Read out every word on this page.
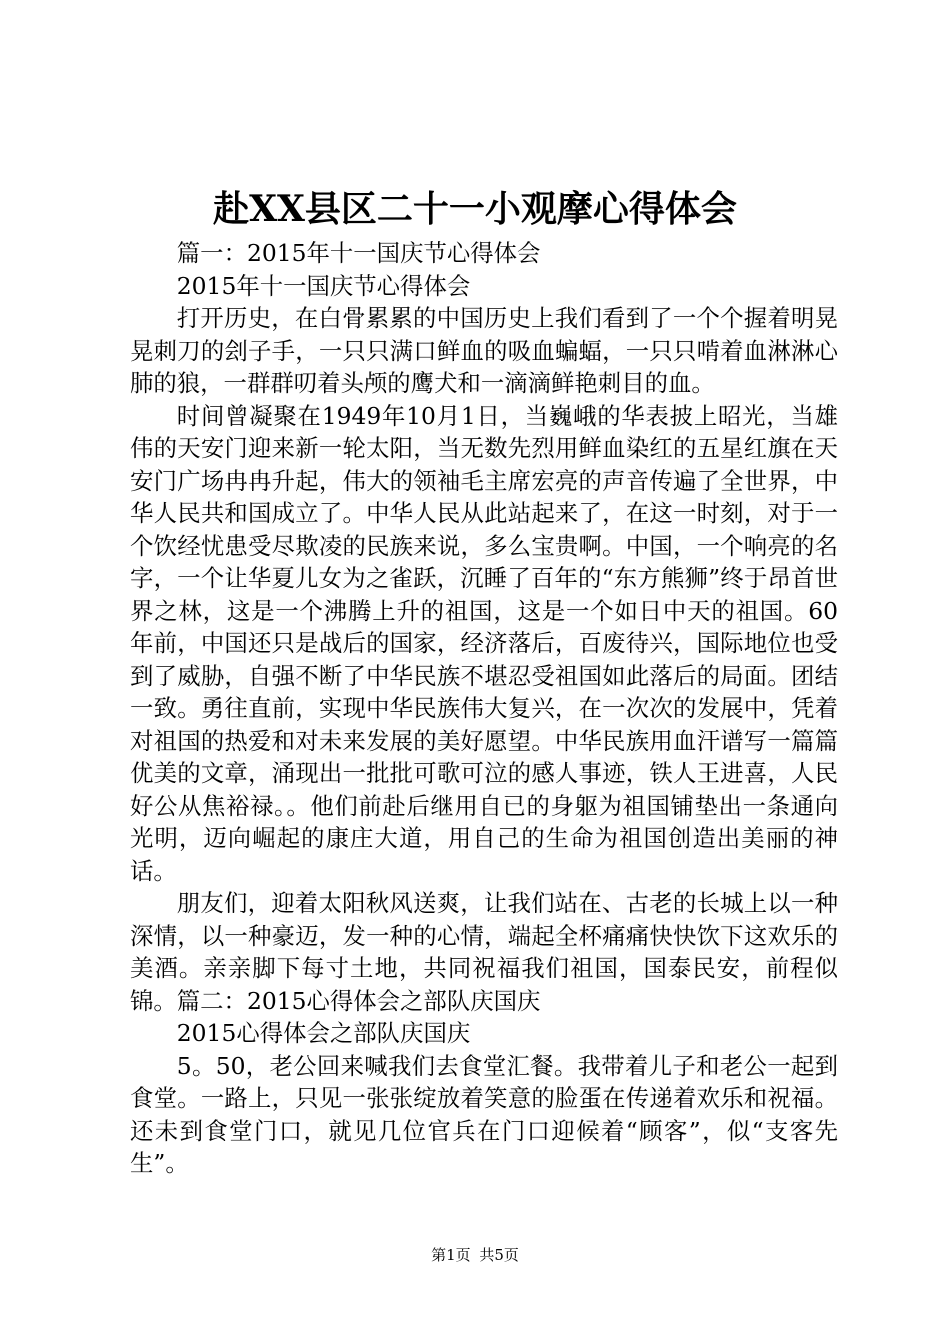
赴XX县区二十一小观摩心得体会

篇一：2015年十一国庆节心得体会

2015年十一国庆节心得体会

打开历史，在白骨累累的中国历史上我们看到了一个个握着明晃晃刺刀的刽子手，一只只满口鲜血的吸血蝙蝠，一只只啃着血淋淋心肺的狼，一群群叨着头颅的鹰犬和一滴滴鲜艳刺目的血。

时间曾凝聚在1949年10月1日，当巍峨的华表披上昭光，当雄伟的天安门迎来新一轮太阳，当无数先烈用鲜血染红的五星红旗在天安门广场冉冉升起，伟大的领袖毛主席宏亮的声音传遍了全世界，中华人民共和国成立了。中华人民从此站起来了，在这一时刻，对于一个饮经忧患受尽欺凌的民族来说，多么宝贵啊。中国，一个响亮的名字，一个让华夏儿女为之雀跃，沉睡了百年的“东方熊狮”终于昂首世界之林，这是一个沸腾上升的祖国，这是一个如日中天的祖国。60年前，中国还只是战后的国家，经济落后，百废待兴，国际地位也受到了威胁，自强不断了中华民族不堪忍受祖国如此落后的局面。团结一致。勇往直前，实现中华民族伟大复兴，在一次次的发展中，凭着对祖国的热爱和对未来发展的美好愿望。中华民族用血汗谱写一篇篇优美的文章，涌现出一批批可歌可泣的感人事迹，铁人王进喜，人民好公从焦裕禄。。他们前赴后继用自已的身躯为祖国铺垫出一条通向光明，迈向崛起的康庄大道，用自己的生命为祖国创造出美丽的神话。

朋友们，迎着太阳秋风送爽，让我们站在、古老的长城上以一种深情，以一种豪迈，发一种的心情，端起全杯痛痛快快饮下这欢乐的美酒。亲亲脚下每寸土地，共同祝福我们祖国，国泰民安，前程似锦。篇二：2015心得体会之部队庆国庆

2015心得体会之部队庆国庆

5。50，老公回来喊我们去食堂汇餐。我带着儿子和老公一起到食堂。一路上，只见一张张绽放着笑意的脸蛋在传递着欢乐和祝福。还未到食堂门口，就见几位官兵在门口迎候着“顾客”，似“支客先生”。

第1页 共5页
